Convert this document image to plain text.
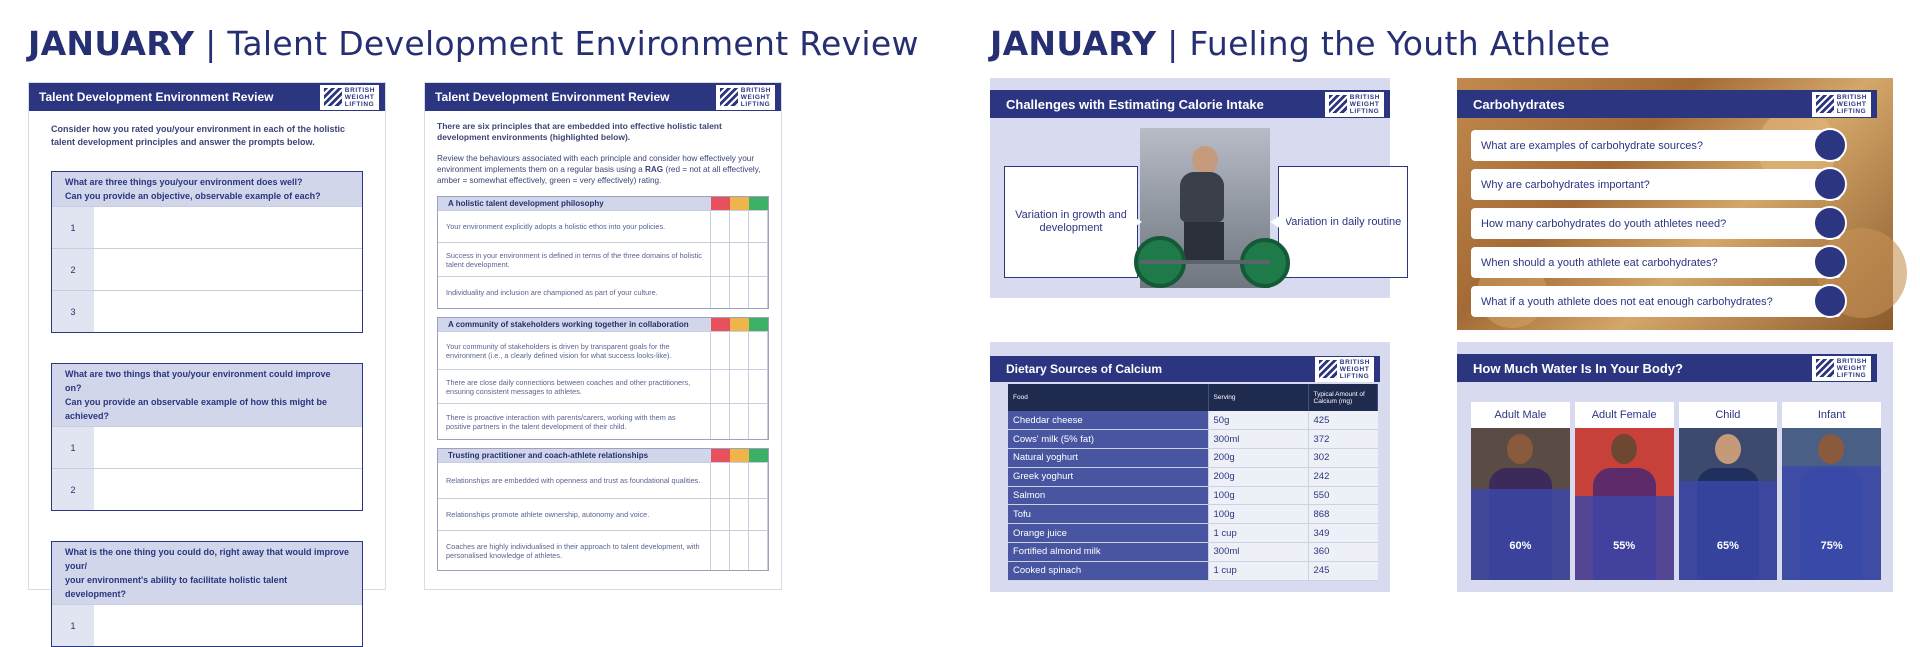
JANUARY | Talent Development Environment Review JANUARY | Fueling the Youth Athlete
Talent Development Environment Review	BRITISH
WEIGHT
LIFTING
Consider how you rated you/your environment in each of the holistic talent development principles and answer the prompts below.
What are three things you/your environment does well?
Can you provide an objective, observable example of each?
1
2
3
What are two things that you/your environment could improve on?
Can you provide an observable example of how this might be achieved?
1
2
What is the one thing you could do, right away that would improve your/
your environment's ability to facilitate holistic talent development?
1
Talent Development Environment Review	BRITISH
WEIGHT
LIFTING
There are six principles that are embedded into effective holistic talent development environments (highlighted below).
Review the behaviours associated with each principle and consider how effectively your environment implements them on a regular basis using a RAG (red = not at all effectively, amber = somewhat effectively, green = very effectively) rating.
A holistic talent development philosophy
Your environment explicitly adopts a holistic ethos into your policies.
Success in your environment is defined in terms of the three domains of holistic talent development.
Individuality and inclusion are championed as part of your culture.
A community of stakeholders working together in collaboration
Your community of stakeholders is driven by transparent goals for the environment (i.e., a clearly defined vision for what success looks-like).
There are close daily connections between coaches and other practitioners, ensuring consistent messages to athletes.
There is proactive interaction with parents/carers, working with them as positive partners in the talent development of their child.
Trusting practitioner and coach-athlete relationships
Relationships are embedded with openness and trust as foundational qualities.
Relationships promote athlete ownership, autonomy and voice.
Coaches are highly individualised in their approach to talent development, with personalised knowledge of athletes.
Challenges with Estimating Calorie Intake	BRITISH
WEIGHT
LIFTING
Variation in growth and development
Variation in daily routine
Carbohydrates	BRITISH
WEIGHT
LIFTING
What are examples of carbohydrate sources?
Why are carbohydrates important?
How many carbohydrates do youth athletes need?
When should a youth athlete eat carbohydrates?
What if a youth athlete does not eat enough carbohydrates?
Dietary Sources of Calcium	BRITISH
WEIGHT
LIFTING
Food	Serving	Typical Amount of Calcium (mg)
Cheddar cheese	50g	425
Cows' milk (5% fat)	300ml	372
Natural yoghurt	200g	302
Greek yoghurt	200g	242
Salmon	100g	550
Tofu	100g	868
Orange juice	1 cup	349
Fortified almond milk	300ml	360
Cooked spinach	1 cup	245
How Much Water Is In Your Body?	BRITISH
WEIGHT
LIFTING
Adult Male
60%
Adult Female
55%
Child
65%
Infant
75%
